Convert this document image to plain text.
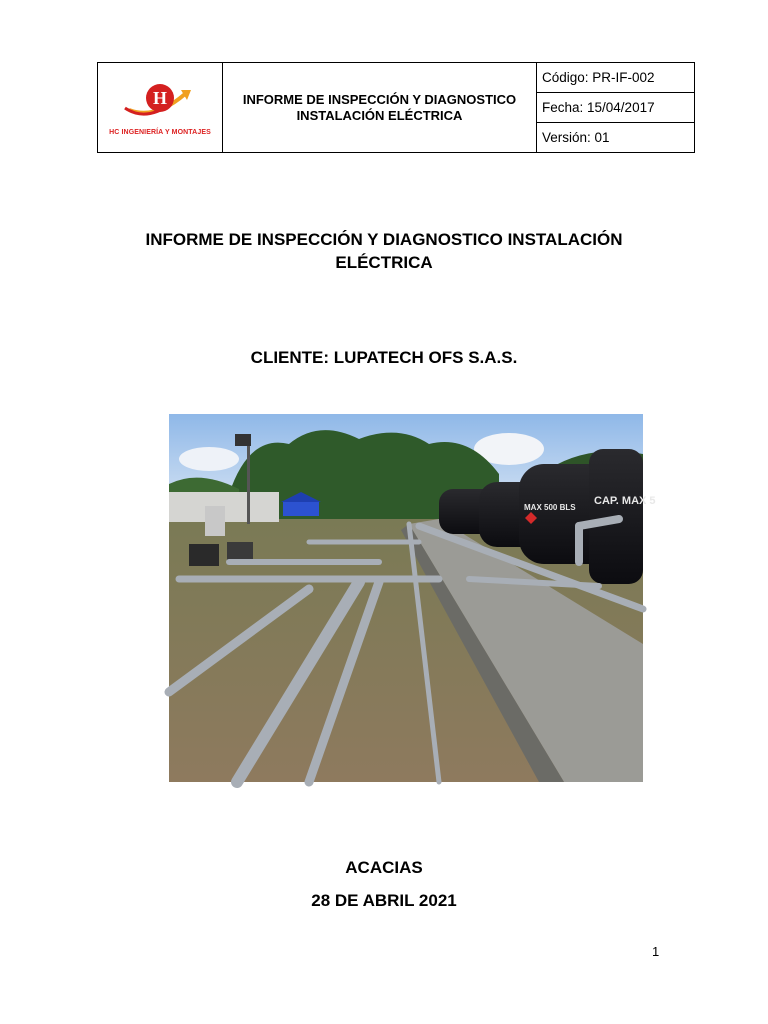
H
HC INGENIERÍA Y MONTAJES

INFORME DE INSPECCIÓN Y DIAGNOSTICO
INSTALACIÓN ELÉCTRICA
	Código: PR-IF-002
Fecha: 15/04/2017
Versión: 01
INFORME DE INSPECCIÓN Y DIAGNOSTICO INSTALACIÓN
ELÉCTRICA
CLIENTE: LUPATECH OFS S.A.S.
CAP. MAX 5
MAX 500 BLS
ACACIAS
28 DE ABRIL 2021
1
